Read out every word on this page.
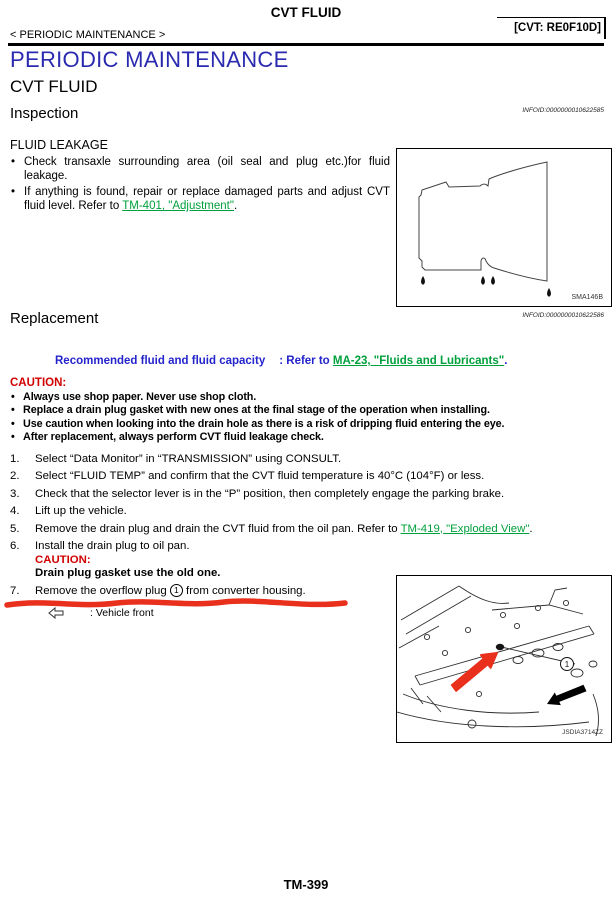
CVT FLUID
< PERIODIC MAINTENANCE >
[CVT: RE0F10D]
PERIODIC MAINTENANCE
CVT FLUID
Inspection	INFOID:0000000010622585
FLUID LEAKAGE
• Check transaxle surrounding area (oil seal and plug etc.)for fluid leakage.
• If anything is found, repair or replace damaged parts and adjust CVT fluid level. Refer to TM-401, "Adjustment".
SMA146B
Replacement	INFOID:0000000010622586
Recommended fluid and fluid capacity : Refer to MA-23, "Fluids and Lubricants".
CAUTION:
• Always use shop paper. Never use shop cloth.
• Replace a drain plug gasket with new ones at the final stage of the operation when installing.
• Use caution when looking into the drain hole as there is a risk of dripping fluid entering the eye.
• After replacement, always perform CVT fluid leakage check.
1. Select “Data Monitor” in “TRANSMISSION” using CONSULT.
2. Select “FLUID TEMP” and confirm that the CVT fluid temperature is 40°C (104°F) or less.
3. Check that the selector lever is in the “P” position, then completely engage the parking brake.
4. Lift up the vehicle.
5. Remove the drain plug and drain the CVT fluid from the oil pan. Refer to TM-419, "Exploded View".
6. Install the drain plug to oil pan.
CAUTION:
Drain plug gasket use the old one.
7. Remove the overflow plug 1 from converter housing.
: Vehicle front
1
JSDIA3714ZZ
TM-399
